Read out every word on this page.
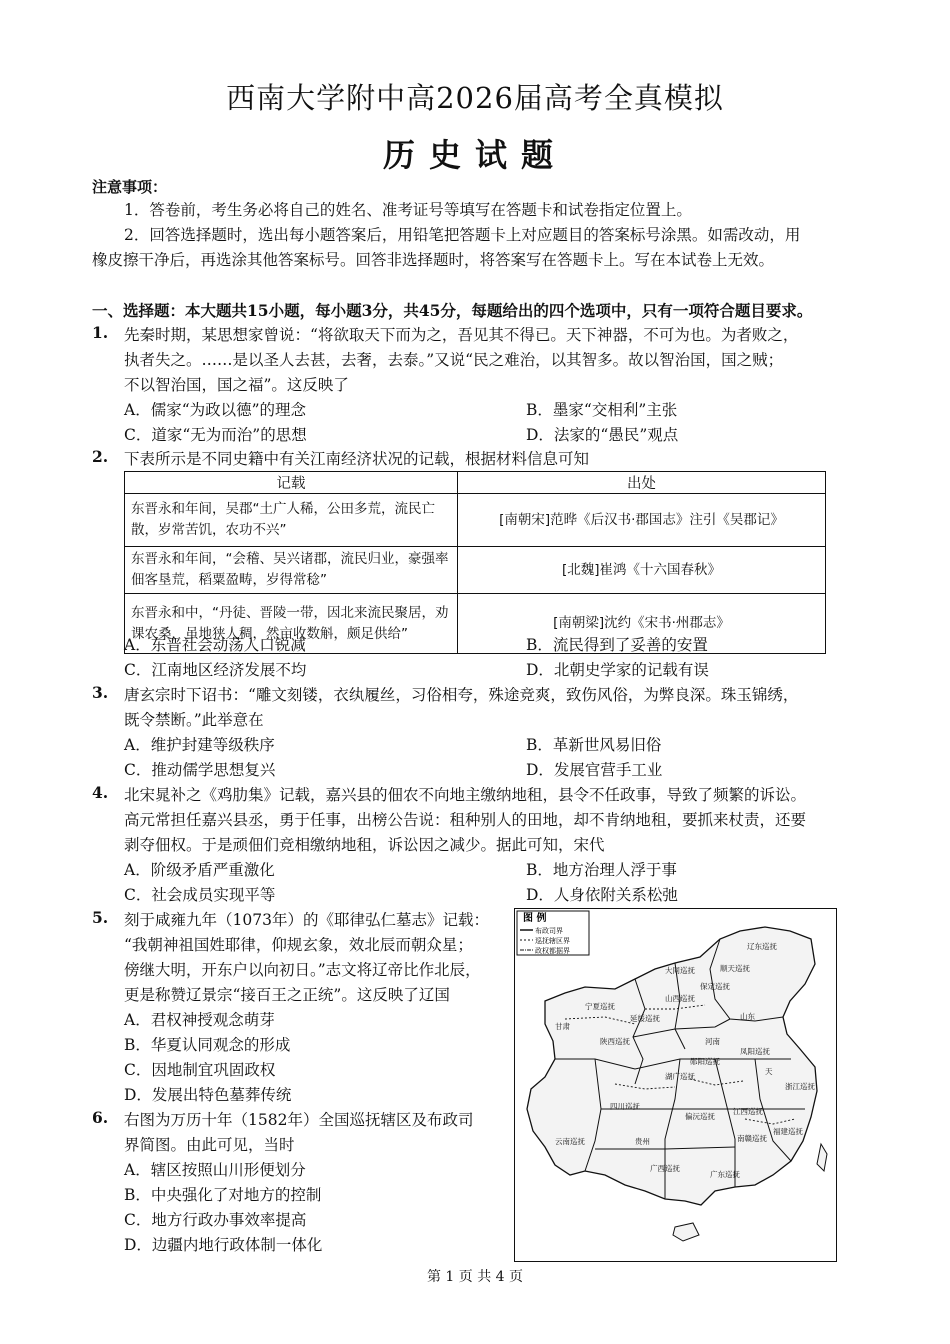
西南大学附中高2026届高考全真模拟
历史试题
注意事项：
1．答卷前，考生务必将自己的姓名、准考证号等填写在答题卡和试卷指定位置上。
2．回答选择题时，选出每小题答案后，用铅笔把答题卡上对应题目的答案标号涂黑。如需改动，用
橡皮擦干净后，再选涂其他答案标号。回答非选择题时，将答案写在答题卡上。写在本试卷上无效。
一、选择题：本大题共15小题，每小题3分，共45分，每题给出的四个选项中，只有一项符合题目要求。
1. 先秦时期，某思想家曾说：“将欲取天下而为之，吾见其不得已。天下神器，不可为也。为者败之，
执者失之。……是以圣人去甚，去奢，去泰。”又说“民之难治，以其智多。故以智治国，国之贼；
不以智治国，国之福”。这反映了
A．儒家“为政以德”的理念	B．墨家“交相利”主张
C．道家“无为而治”的思想	D．法家的“愚民”观点
2. 下表所示是不同史籍中有关江南经济状况的记载，根据材料信息可知
记载	出处
东晋永和年间，吴郡“土广人稀，公田多荒，流民亡散，岁常苦饥，农功不兴”	[南朝宋]范晔《后汉书·郡国志》注引《吴郡记》
东晋永和年间，“会稽、吴兴诸郡，流民归业，豪强率佃客垦荒，稻粟盈畴，岁得常稔”	[北魏]崔鸿《十六国春秋》
东晋永和中，“丹徒、晋陵一带，因北来流民聚居，劝课农桑，虽地狭人稠，然亩收数斛，颇足供给”	[南朝梁]沈约《宋书·州郡志》
A．东晋社会动荡人口锐减	B．流民得到了妥善的安置
C．江南地区经济发展不均	D．北朝史学家的记载有误
3. 唐玄宗时下诏书：“雕文刻镂，衣纨履丝，习俗相夸，殊途竞爽，致伤风俗，为弊良深。珠玉锦绣，
既令禁断。”此举意在
A．维护封建等级秩序	B．革新世风易旧俗
C．推动儒学思想复兴	D．发展官营手工业
4. 北宋晁补之《鸡肋集》记载，嘉兴县的佃农不向地主缴纳地租，县令不任政事，导致了频繁的诉讼。
高元常担任嘉兴县丞，勇于任事，出榜公告说：租种别人的田地，却不肯纳地租，要抓来杖责，还要
剥夺佃权。于是顽佃们竞相缴纳地租，诉讼因之减少。据此可知，宋代
A．阶级矛盾严重激化	B．地方治理人浮于事
C．社会成员实现平等	D．人身依附关系松弛
5. 刻于咸雍九年（1073年）的《耶律弘仁墓志》记载：
“我朝神祖国姓耶律，仰规玄象，效北辰而朝众星；
傍继大明，开东户以向初日。”志文将辽帝比作北辰，
更是称赞辽景宗“接百王之正统”。这反映了辽国
A．君权神授观念萌芽
B．华夏认同观念的形成
C．因地制宜巩固政权
D．发展出特色墓葬传统
6. 右图为万历十年（1582年）全国巡抚辖区及布政司
界简图。由此可见，当时
A．辖区按照山川形便划分
B．中央强化了对地方的控制
C．地方行政办事效率提高
D．边疆内地行政体制一体化
图 例
布政司界
巡抚辖区界
政权都据界	辽东巡抚
顺天巡抚
大同巡抚
宁夏巡抚
保定巡抚
山西巡抚
山东
河南
凤阳巡抚
陕西巡抚
湖广巡抚
四川巡抚
贵州
江西巡抚
浙江巡抚
福建巡抚
广东巡抚
广西巡抚
云南巡抚
偏沅巡抚
南赣巡抚
郧阳巡抚
延绥巡抚
甘肃
天
第 1 页 共 4 页
